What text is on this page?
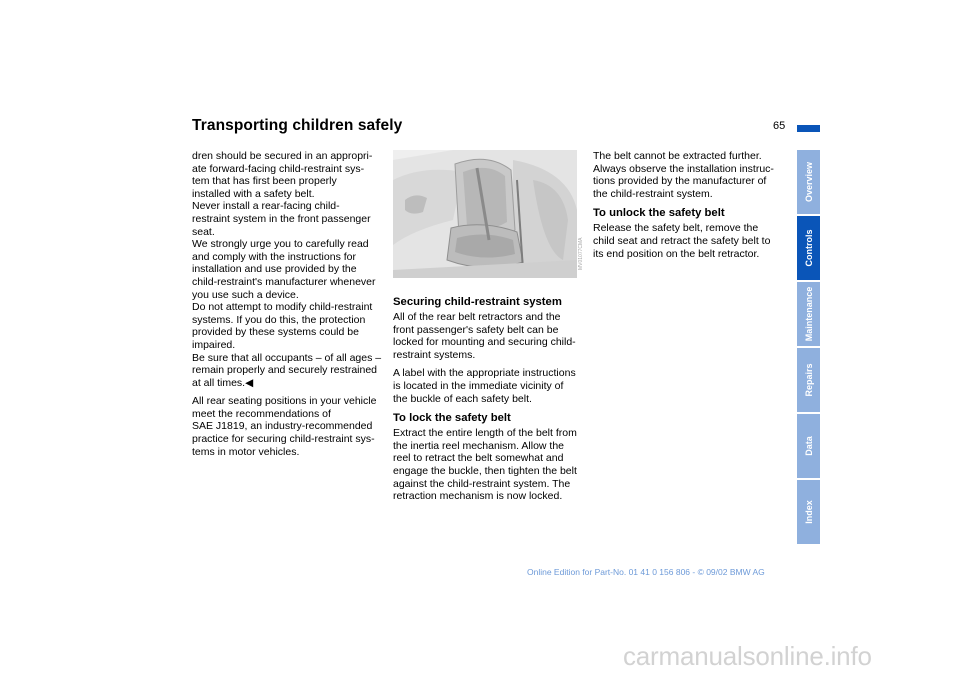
Transporting children safely	65

dren should be secured in an appropri-
ate forward-facing child-restraint sys-
tem that has first been properly
installed with a safety belt.

Never install a rear-facing child-
restraint system in the front passenger
seat.

We strongly urge you to carefully read
and comply with the instructions for
installation and use provided by the
child-restraint's manufacturer whenever
you use such a device.

Do not attempt to modify child-restraint
systems. If you do this, the protection
provided by these systems could be
impaired.

Be sure that all occupants – of all ages –
remain properly and securely restrained
at all times.◀

All rear seating positions in your vehicle
meet the recommendations of
SAE J1819, an industry-recommended
practice for securing child-restraint sys-
tems in motor vehicles.

MV01077CMA
Securing child-restraint system

All of the rear belt retractors and the
front passenger's safety belt can be
locked for mounting and securing child-
restraint systems.

A label with the appropriate instructions
is located in the immediate vicinity of
the buckle of each safety belt.

To lock the safety belt

Extract the entire length of the belt from
the inertia reel mechanism. Allow the
reel to retract the belt somewhat and
engage the buckle, then tighten the belt
against the child-restraint system. The
retraction mechanism is now locked.

The belt cannot be extracted further.
Always observe the installation instruc-
tions provided by the manufacturer of
the child-restraint system.

To unlock the safety belt

Release the safety belt, remove the
child seat and retract the safety belt to
its end position on the belt retractor.

Overview
Controls
Maintenance
Repairs
Data
Index
Online Edition for Part-No. 01 41 0 156 806 - © 09/02 BMW AG
carmanualsonline.info
